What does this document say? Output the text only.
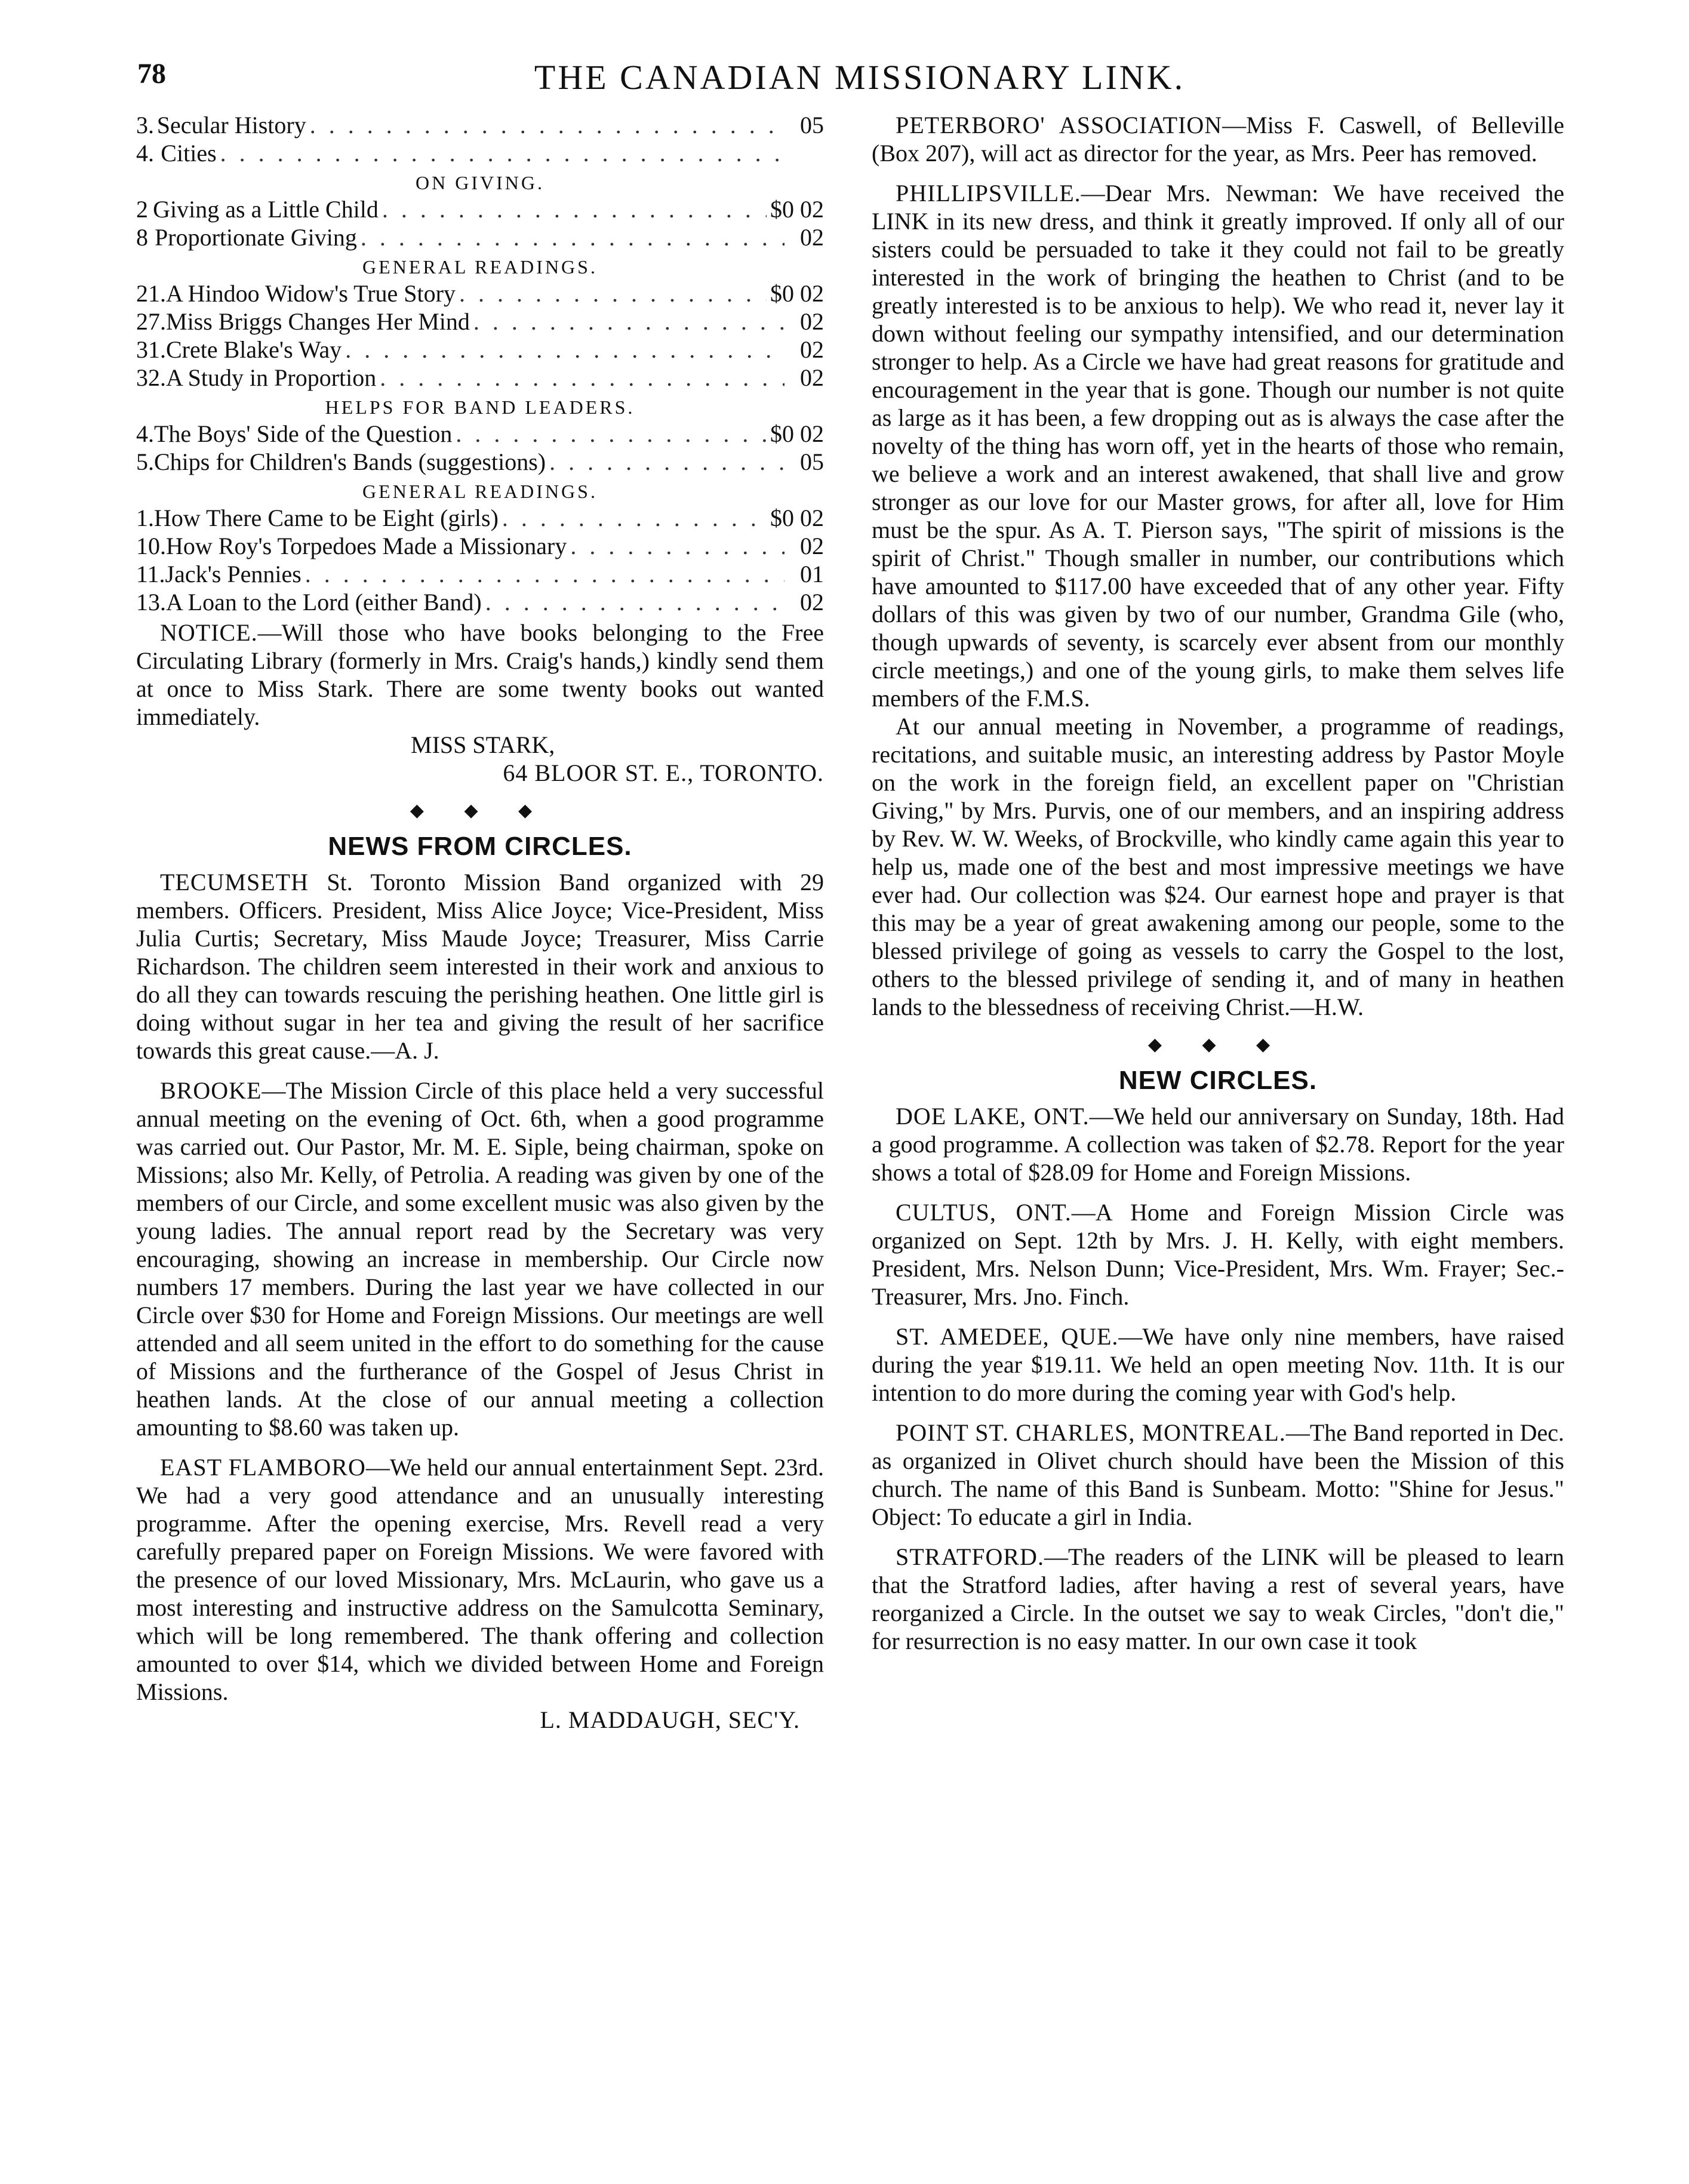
78	THE CANADIAN MISSIONARY LINK.
3. Secular History . . .	05
4. Cities
. . .
ON GIVING.
2 Giving as a Little Child . . .	$0 02
8 Proportionate Giving . . .	02
GENERAL READINGS.
21. A Hindoo Widow's True Story . . .	$0 02
27. Miss Briggs Changes Her Mind . . .	02
31. Crete Blake's Way . . .	02
32. A Study in Proportion . . .	02
HELPS FOR BAND LEADERS.
4. The Boys' Side of the Question . . .	$0 02
5. Chips for Children's Bands (suggestions) . . .	05
GENERAL READINGS.
1. How There Came to be Eight (girls) . . .	$0 02
10. How Roy's Torpedoes Made a Missionary . . .	02
11. Jack's Pennies . . .	01
13. A Loan to the Lord (either Band) . . .	02

NOTICE.—Will those who have books belonging to the Free Circulating Library (formerly in Mrs. Craig's hands,) kindly send them at once to Miss Stark. There are some twenty books out wanted immediately.

MISS STARK,

64 BLOOR ST. E., TORONTO.

◆ ◆ ◆
NEWS FROM CIRCLES.

TECUMSETH St. Toronto Mission Band organized with 29 members. Officers. President, Miss Alice Joyce; Vice-President, Miss Julia Curtis; Secretary, Miss Maude Joyce; Treasurer, Miss Carrie Richardson. The children seem interested in their work and anxious to do all they can towards rescuing the perishing heathen. One little girl is doing without sugar in her tea and giving the result of her sacrifice towards this great cause.—A. J.

BROOKE—The Mission Circle of this place held a very successful annual meeting on the evening of Oct. 6th, when a good programme was carried out. Our Pastor, Mr. M. E. Siple, being chairman, spoke on Missions; also Mr. Kelly, of Petrolia. A reading was given by one of the members of our Circle, and some excellent music was also given by the young ladies. The annual report read by the Secretary was very encouraging, showing an increase in membership. Our Circle now numbers 17 members. During the last year we have collected in our Circle over $30 for Home and Foreign Missions. Our meetings are well attended and all seem united in the effort to do something for the cause of Missions and the furtherance of the Gospel of Jesus Christ in heathen lands. At the close of our annual meeting a collection amounting to $8.60 was taken up.

EAST FLAMBORO—We held our annual entertainment Sept. 23rd. We had a very good attendance and an unusually interesting programme. After the opening exercise, Mrs. Revell read a very carefully prepared paper on Foreign Missions. We were favored with the presence of our loved Missionary, Mrs. McLaurin, who gave us a most interesting and instructive address on the Samulcotta Seminary, which will be long remembered. The thank offering and collection amounted to over $14, which we divided between Home and Foreign Missions.

L. MADDAUGH, SEC'Y.

PETERBORO' ASSOCIATION—Miss F. Caswell, of Belleville (Box 207), will act as director for the year, as Mrs. Peer has removed.

PHILLIPSVILLE.—Dear Mrs. Newman: We have received the LINK in its new dress, and think it greatly improved. If only all of our sisters could be persuaded to take it they could not fail to be greatly interested in the work of bringing the heathen to Christ (and to be greatly interested is to be anxious to help). We who read it, never lay it down without feeling our sympathy intensified, and our determination stronger to help. As a Circle we have had great reasons for gratitude and encouragement in the year that is gone. Though our number is not quite as large as it has been, a few dropping out as is always the case after the novelty of the thing has worn off, yet in the hearts of those who remain, we believe a work and an interest awakened, that shall live and grow stronger as our love for our Master grows, for after all, love for Him must be the spur. As A. T. Pierson says, "The spirit of missions is the spirit of Christ." Though smaller in number, our contributions which have amounted to $117.00 have exceeded that of any other year. Fifty dollars of this was given by two of our number, Grandma Gile (who, though upwards of seventy, is scarcely ever absent from our monthly circle meetings,) and one of the young girls, to make them selves life members of the F.M.S.

At our annual meeting in November, a programme of readings, recitations, and suitable music, an interesting address by Pastor Moyle on the work in the foreign field, an excellent paper on "Christian Giving," by Mrs. Purvis, one of our members, and an inspiring address by Rev. W. W. Weeks, of Brockville, who kindly came again this year to help us, made one of the best and most impressive meetings we have ever had. Our collection was $24. Our earnest hope and prayer is that this may be a year of great awakening among our people, some to the blessed privilege of going as vessels to carry the Gospel to the lost, others to the blessed privilege of sending it, and of many in heathen lands to the blessedness of receiving Christ.—H.W.

◆ ◆ ◆
NEW CIRCLES.

DOE LAKE, ONT.—We held our anniversary on Sunday, 18th. Had a good programme. A collection was taken of $2.78. Report for the year shows a total of $28.09 for Home and Foreign Missions.

CULTUS, ONT.—A Home and Foreign Mission Circle was organized on Sept. 12th by Mrs. J. H. Kelly, with eight members. President, Mrs. Nelson Dunn; Vice-President, Mrs. Wm. Frayer; Sec.-Treasurer, Mrs. Jno. Finch.

ST. AMEDEE, QUE.—We have only nine members, have raised during the year $19.11. We held an open meeting Nov. 11th. It is our intention to do more during the coming year with God's help.

POINT ST. CHARLES, MONTREAL.—The Band reported in Dec. as organized in Olivet church should have been the Mission of this church. The name of this Band is Sunbeam. Motto: "Shine for Jesus." Object: To educate a girl in India.

STRATFORD.—The readers of the LINK will be pleased to learn that the Stratford ladies, after having a rest of several years, have reorganized a Circle. In the outset we say to weak Circles, "don't die," for resurrection is no easy matter. In our own case it took
